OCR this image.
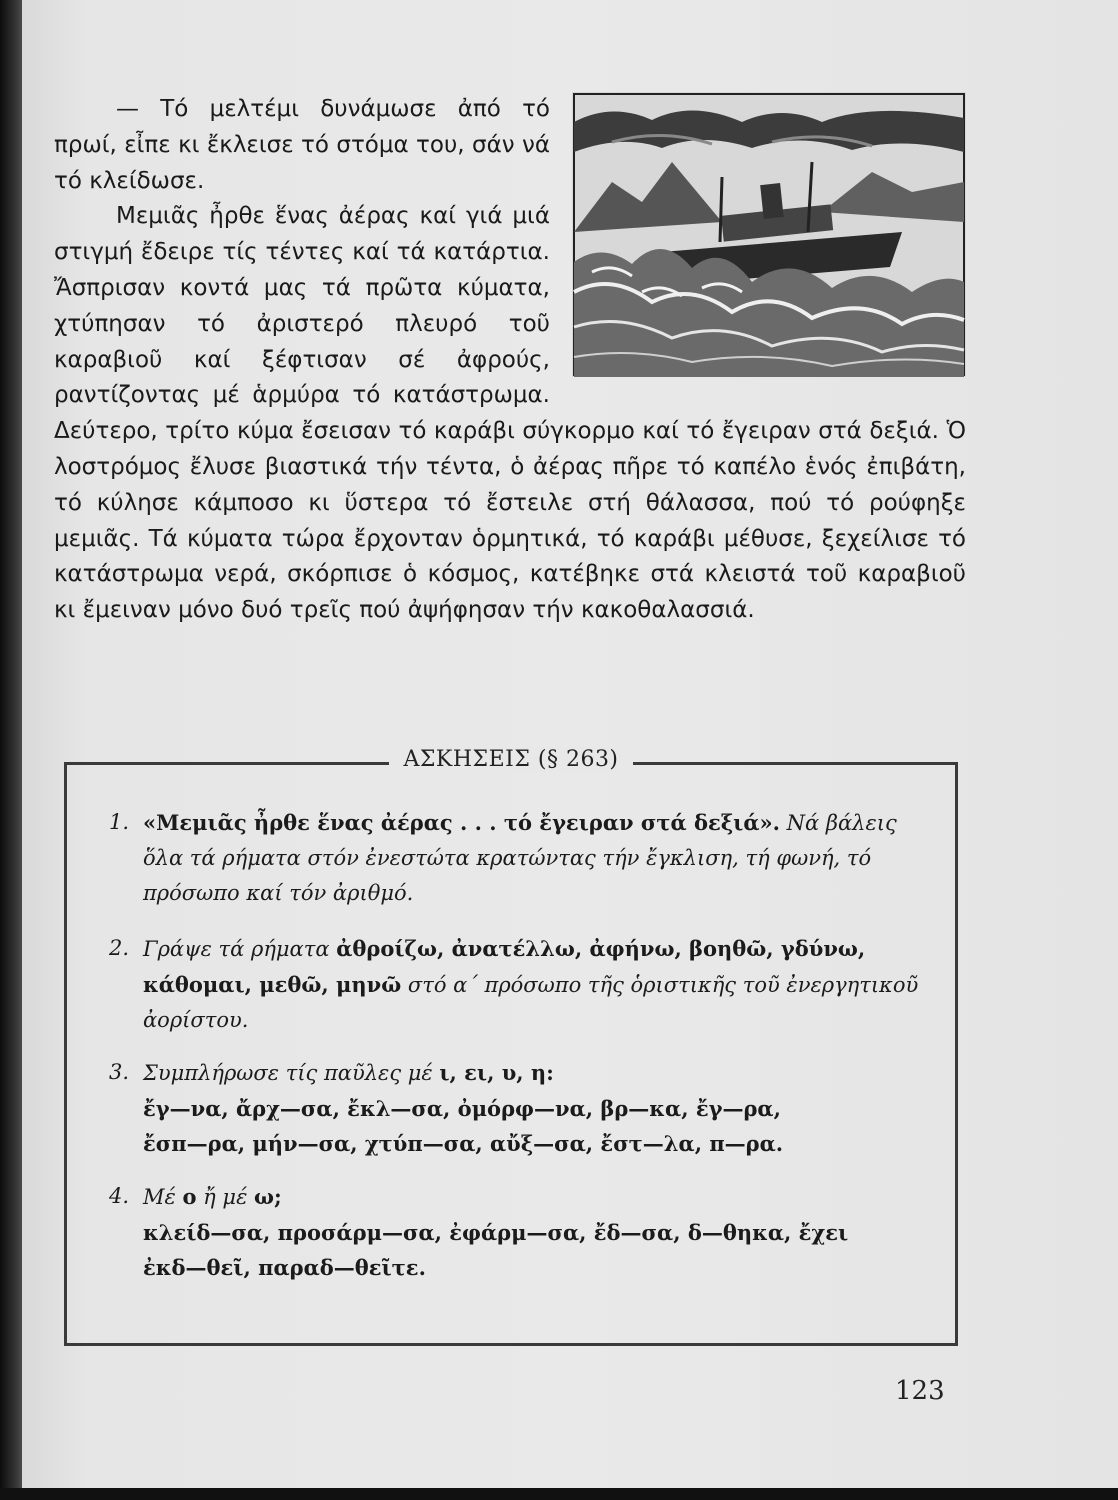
— Τό μελτέμι δυνάμωσε ἀπό τό πρωί, εἶπε κι ἔκλεισε τό στόμα του, σάν νά τό κλείδωσε.

Μεμιᾶς ἦρθε ἕνας ἀέρας καί γιά μιά στιγμή ἔδειρε τίς τέντες καί τά κατάρτια. Ἄσπρισαν κοντά μας τά πρῶτα κύματα, χτύπησαν τό ἀριστερό πλευρό τοῦ καραβιοῦ καί ξέφτισαν σέ ἀφρούς, ραντίζοντας μέ ἁρμύρα τό κατάστρωμα. Δεύτερο, τρίτο κύμα ἔσεισαν τό καράβι σύγκορμο καί τό ἔγειραν στά δεξιά. Ὁ λοστρόμος ἔλυσε βιαστικά τήν τέντα, ὁ ἀέρας πῆρε τό καπέλο ἑνός ἐπιβάτη, τό κύλησε κάμποσο κι ὕστερα τό ἔστειλε στή θάλασσα, πού τό ρούφηξε μεμιᾶς. Τά κύματα τώρα ἔρχονταν ὁρμητικά, τό καράβι μέθυσε, ξεχείλισε τό κατάστρωμα νερά, σκόρπισε ὁ κόσμος, κατέβηκε στά κλειστά τοῦ καραβιοῦ κι ἔμειναν μόνο δυό τρεῖς πού ἀψήφησαν τήν κακοθαλασσιά.

ΑΣΚΗΣΕΙΣ (§ 263)
1. «Μεμιᾶς ἦρθε ἕνας ἀέρας . . . τό ἔγειραν στά δεξιά». Νά βάλεις ὅλα τά ρήματα στόν ἐνεστώτα κρατώντας τήν ἔγκλιση, τή φωνή, τό πρόσωπο καί τόν ἀριθμό.
2. Γράψε τά ρήματα ἀθροίζω, ἀνατέλλω, ἀφήνω, βοηθῶ, γδύνω, κάθομαι, μεθῶ, μηνῶ στό α΄ πρόσωπο τῆς ὁριστικῆς τοῦ ἐνεργητικοῦ ἀορίστου.
3. Συμπλήρωσε τίς παῦλες μέ ι, ει, υ, η:
ἔγ—να, ἄρχ—σα, ἔκλ—σα, ὀμόρφ—να, βρ—κα, ἔγ—ρα,
ἔσπ—ρα, μήν—σα, χτύπ—σα, αὔξ—σα, ἔστ—λα, π—ρα.
4. Μέ ο ἤ μέ ω;
κλείδ—σα, προσάρμ—σα, ἐφάρμ—σα, ἔδ—σα, δ—θηκα, ἔχει
ἐκδ—θεῖ, παραδ—θεῖτε.
123
